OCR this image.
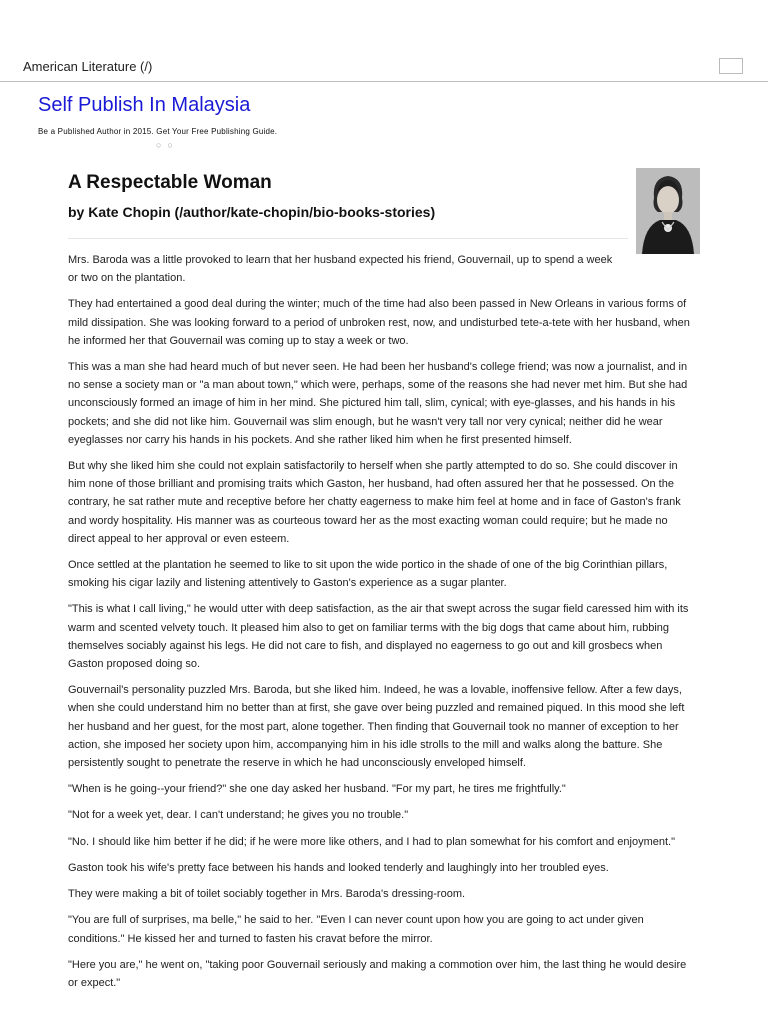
American Literature (/)
Self Publish In Malaysia
Be a Published Author in 2015. Get Your Free Publishing Guide.
○○
A Respectable Woman
by Kate Chopin (/author/kate-chopin/bio-books-stories)

Mrs. Baroda was a little provoked to learn that her husband expected his friend, Gouvernail, up to spend a week or two on the plantation.

They had entertained a good deal during the winter; much of the time had also been passed in New Orleans in various forms of mild dissipation. She was looking forward to a period of unbroken rest, now, and undisturbed tete-a-tete with her husband, when he informed her that Gouvernail was coming up to stay a week or two.

This was a man she had heard much of but never seen. He had been her husband's college friend; was now a journalist, and in no sense a society man or "a man about town," which were, perhaps, some of the reasons she had never met him. But she had unconsciously formed an image of him in her mind. She pictured him tall, slim, cynical; with eye-glasses, and his hands in his pockets; and she did not like him. Gouvernail was slim enough, but he wasn't very tall nor very cynical; neither did he wear eyeglasses nor carry his hands in his pockets. And she rather liked him when he first presented himself.

But why she liked him she could not explain satisfactorily to herself when she partly attempted to do so. She could discover in him none of those brilliant and promising traits which Gaston, her husband, had often assured her that he possessed. On the contrary, he sat rather mute and receptive before her chatty eagerness to make him feel at home and in face of Gaston's frank and wordy hospitality. His manner was as courteous toward her as the most exacting woman could require; but he made no direct appeal to her approval or even esteem.

Once settled at the plantation he seemed to like to sit upon the wide portico in the shade of one of the big Corinthian pillars, smoking his cigar lazily and listening attentively to Gaston's experience as a sugar planter.

"This is what I call living," he would utter with deep satisfaction, as the air that swept across the sugar field caressed him with its warm and scented velvety touch. It pleased him also to get on familiar terms with the big dogs that came about him, rubbing themselves sociably against his legs. He did not care to fish, and displayed no eagerness to go out and kill grosbecs when Gaston proposed doing so.

Gouvernail's personality puzzled Mrs. Baroda, but she liked him. Indeed, he was a lovable, inoffensive fellow. After a few days, when she could understand him no better than at first, she gave over being puzzled and remained piqued. In this mood she left her husband and her guest, for the most part, alone together. Then finding that Gouvernail took no manner of exception to her action, she imposed her society upon him, accompanying him in his idle strolls to the mill and walks along the batture. She persistently sought to penetrate the reserve in which he had unconsciously enveloped himself.

"When is he going--your friend?" she one day asked her husband. "For my part, he tires me frightfully."

"Not for a week yet, dear. I can't understand; he gives you no trouble."

"No. I should like him better if he did; if he were more like others, and I had to plan somewhat for his comfort and enjoyment."

Gaston took his wife's pretty face between his hands and looked tenderly and laughingly into her troubled eyes.

They were making a bit of toilet sociably together in Mrs. Baroda's dressing-room.

"You are full of surprises, ma belle," he said to her. "Even I can never count upon how you are going to act under given conditions." He kissed her and turned to fasten his cravat before the mirror.

"Here you are," he went on, "taking poor Gouvernail seriously and making a commotion over him, the last thing he would desire or expect."
